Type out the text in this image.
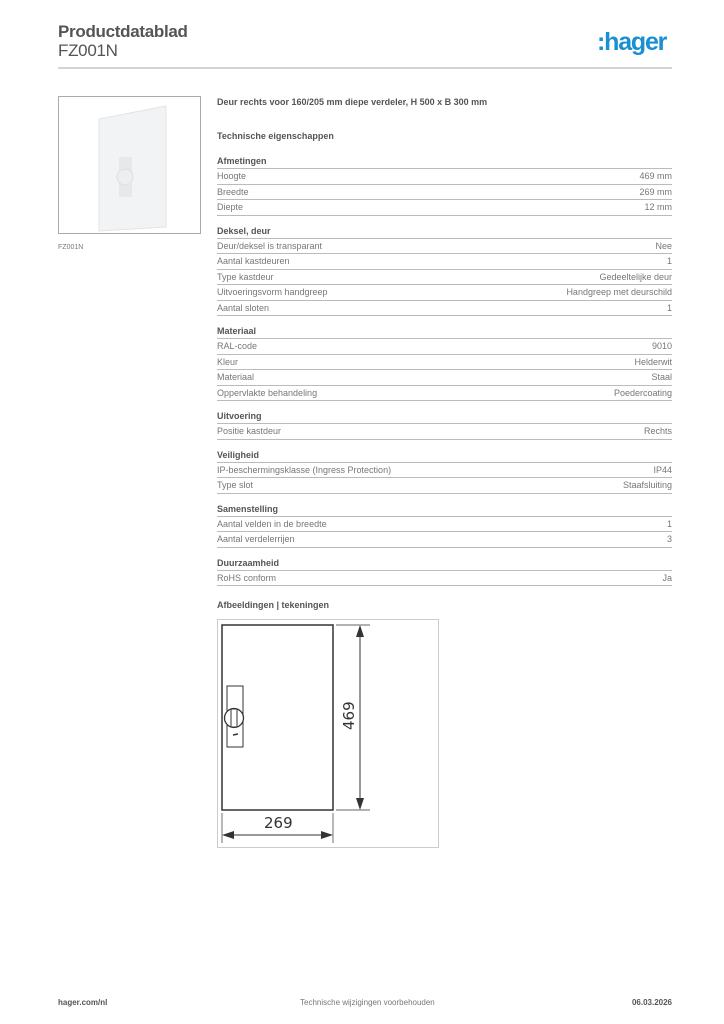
Productdatablad
FZ001N	:hager
FZ001N
Deur rechts voor 160/205 mm diepe verdeler, H 500 x B 300 mm
Technische eigenschappen
Afmetingen
Hoogte	469 mm
Breedte	269 mm
Diepte	12 mm
Deksel, deur
Deur/deksel is transparant	Nee
Aantal kastdeuren	1
Type kastdeur	Gedeeltelijke deur
Uitvoeringsvorm handgreep	Handgreep met deurschild
Aantal sloten	1
Materiaal
RAL-code	9010
Kleur	Helderwit
Materiaal	Staal
Oppervlakte behandeling	Poedercoating
Uitvoering
Positie kastdeur	Rechts
Veiligheid
IP-beschermingsklasse (Ingress Protection)	IP44
Type slot	Staafsluiting
Samenstelling
Aantal velden in de breedte	1
Aantal verdelerrijen	3
Duurzaamheid
RoHS conform	Ja
Afbeeldingen | tekeningen
469
269
hager.com/nl	Technische wijzigingen voorbehouden	06.03.2026
